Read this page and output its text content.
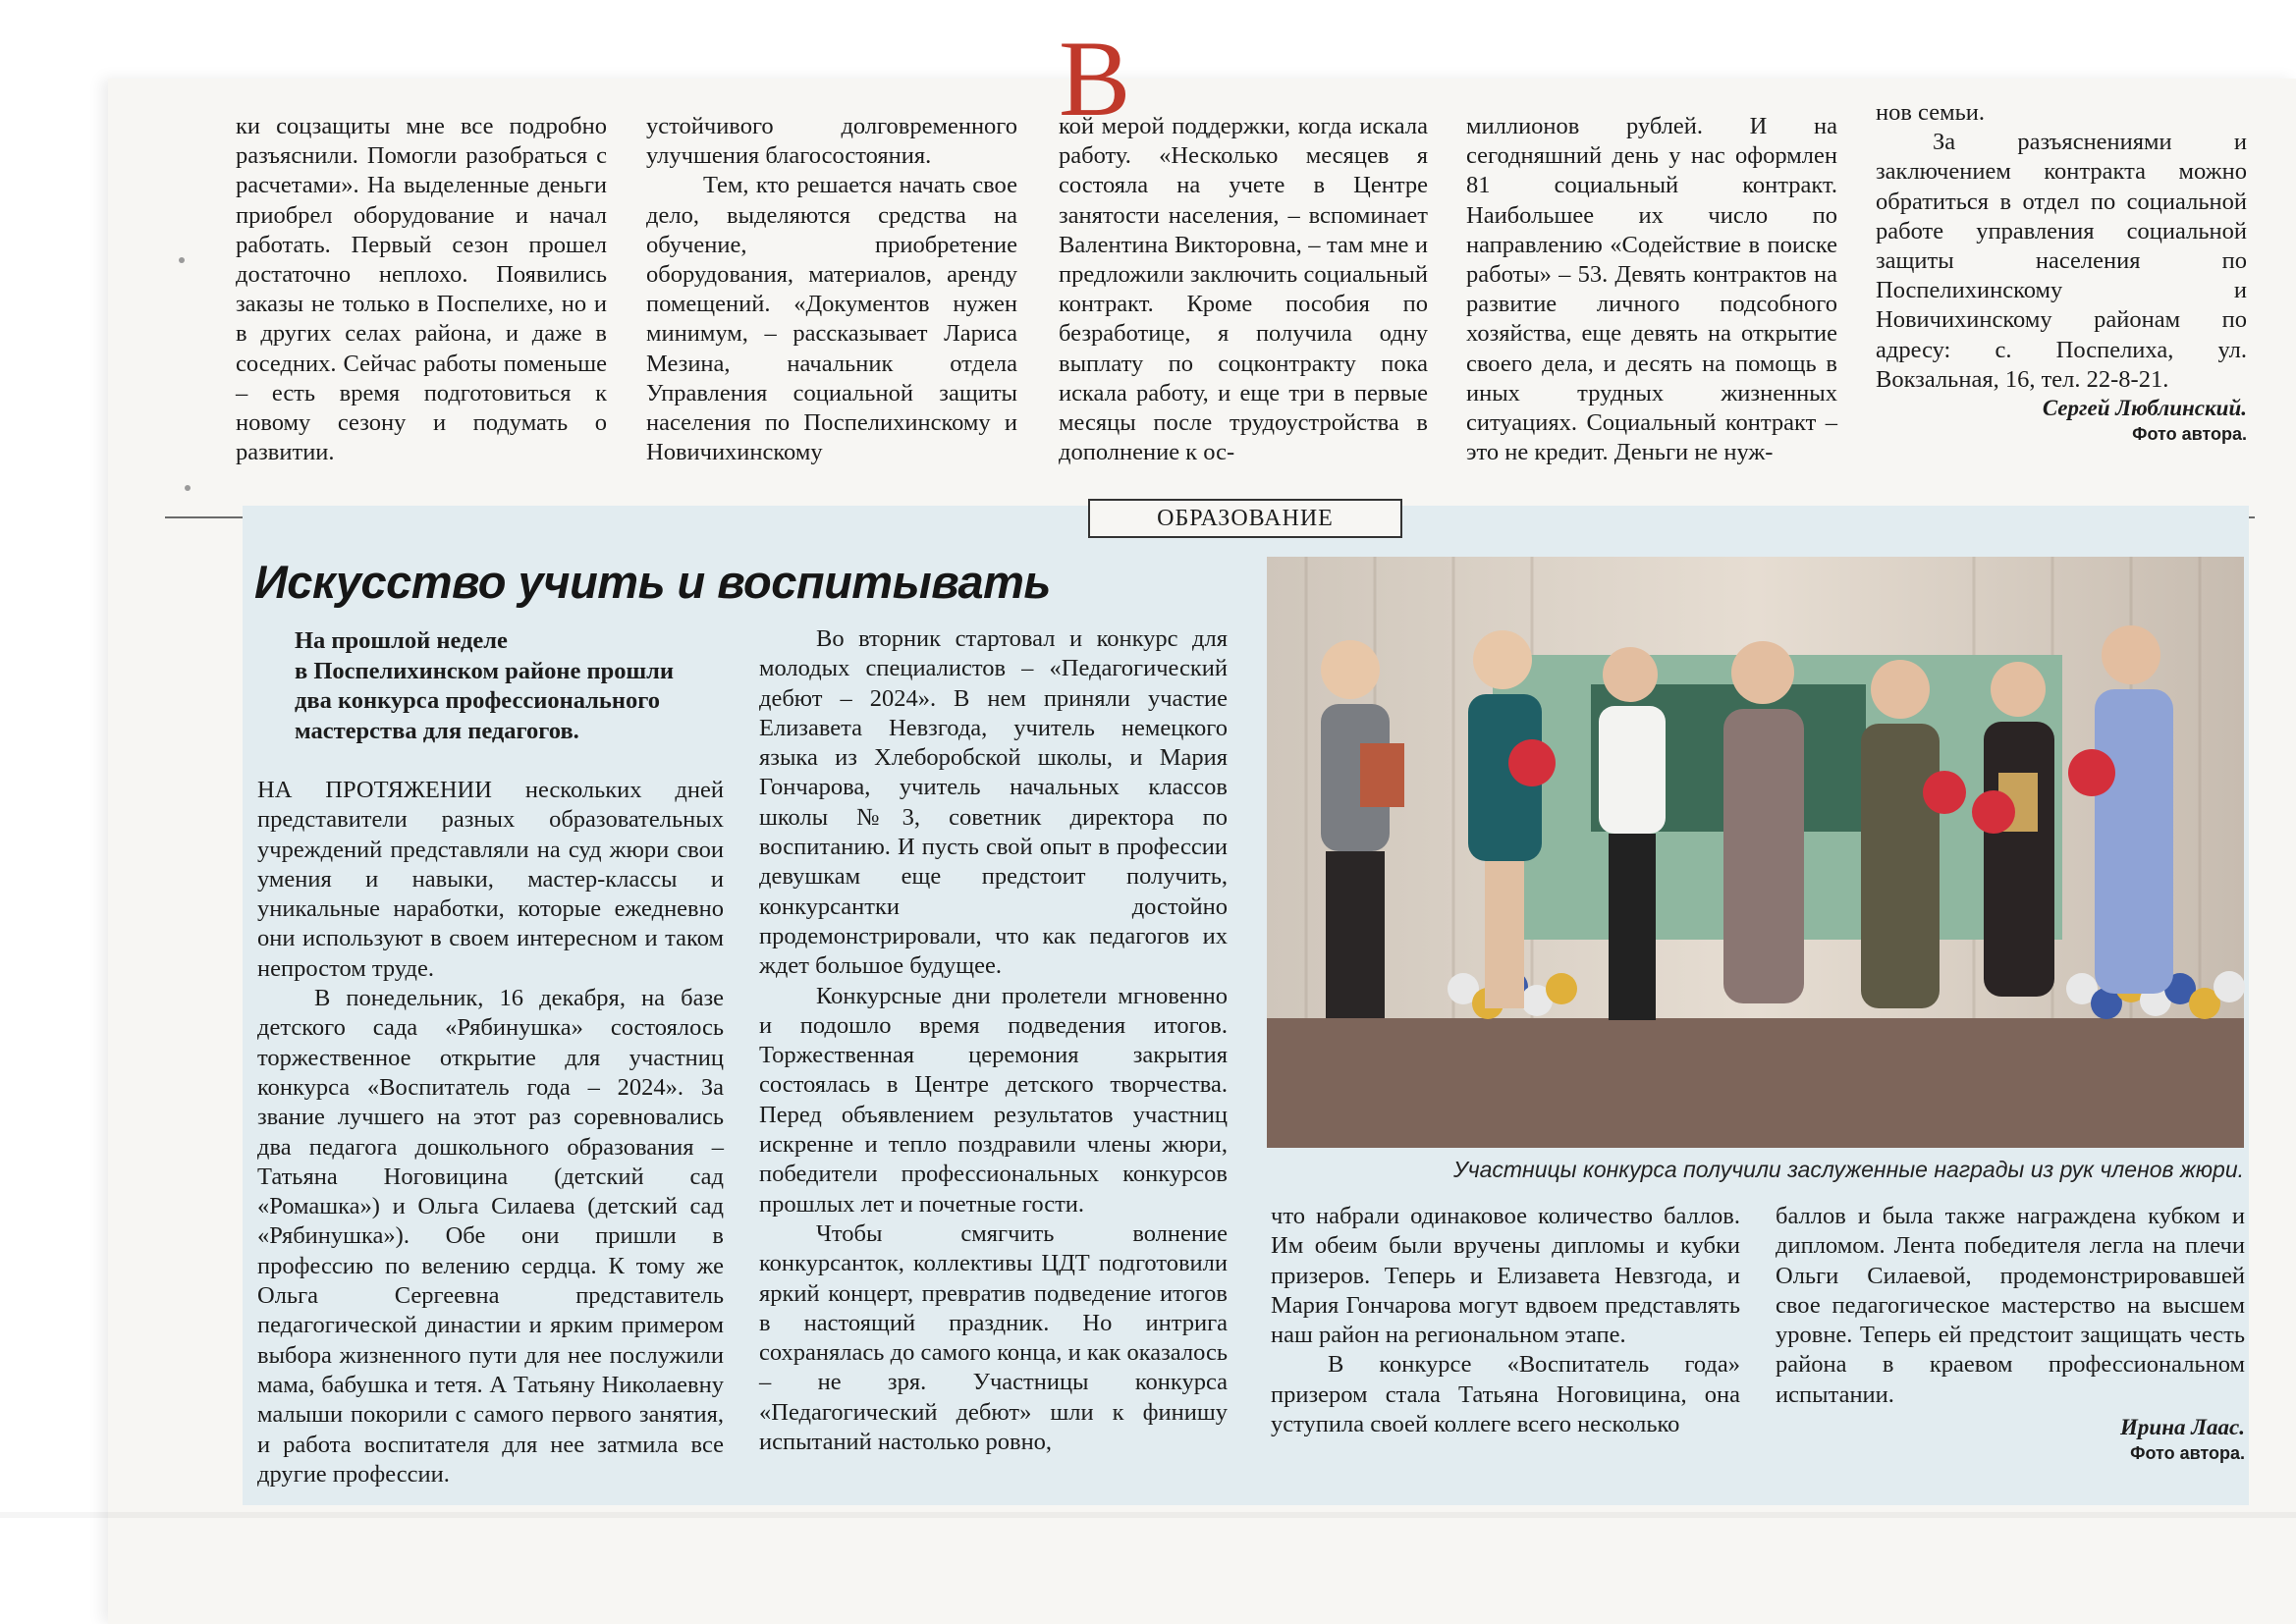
ки соцзащиты мне все подробно разъяснили. Помогли разобраться с расчетами». На выделенные деньги приобрел оборудование и начал работать. Первый сезон прошел достаточно неплохо. Появились заказы не только в Поспелихе, но и в других селах района, и даже в соседних. Сейчас работы поменьше – есть время подготовиться к новому сезону и подумать о развитии.

устойчивого долговременного улучшения благосостояния.

Тем, кто решается начать свое дело, выделяются средства на обучение, приобретение оборудования, материалов, аренду помещений. «Документов нужен минимум, – рассказывает Лариса Мезина, начальник отдела Управления социальной защиты населения по Поспелихинскому и Новичихинскому

В

кой мерой поддержки, когда искала работу. «Несколько месяцев я состояла на учете в Центре занятости населения, – вспоминает Валентина Викторовна, – там мне и предложили заключить социальный контракт. Кроме пособия по безработице, я получила одну выплату по соцконтракту пока искала работу, и еще три в первые месяцы после трудоустройства в дополнение к ос-

миллионов рублей. И на сегодняшний день у нас оформлен 81 социальный контракт. Наибольшее их число по направлению «Содействие в поиске работы» – 53. Девять контрактов на развитие личного подсобного хозяйства, еще девять на открытие своего дела, и десять на помощь в иных трудных жизненных ситуациях. Социальный контракт – это не кредит. Деньги не нуж-

нов семьи.

За разъяснениями и заключением контракта можно обратиться в отдел по социальной работе управления социальной защиты населения по Поспелихинскому и Новичихинскому районам по адресу: с. Поспелиха, ул. Вокзальная, 16, тел. 22-8-21.

Сергей Люблинский.
Фото автора.
ОБРАЗОВАНИЕ
Искусство учить и воспитывать
На прошлой неделе
в Поспелихинском районе прошли
два конкурса профессионального
мастерства для педагогов.

НА ПРОТЯЖЕНИИ нескольких дней представители разных образовательных учреждений представляли на суд жюри свои умения и навыки, мастер-классы и уникальные наработки, которые ежедневно они используют в своем интересном и таком непростом труде.

В понедельник, 16 декабря, на базе детского сада «Рябинушка» состоялось торжественное открытие для участниц конкурса «Воспитатель года – 2024». За звание лучшего на этот раз соревновались два педагога дошкольного образования – Татьяна Ноговицина (детский сад «Ромашка») и Ольга Силаева (детский сад «Рябинушка»). Обе они пришли в профессию по велению сердца. К тому же Ольга Сергеевна представитель педагогической династии и ярким примером выбора жизненного пути для нее послужили мама, бабушка и тетя. А Татьяну Николаевну малыши покорили с самого первого занятия, и работа воспитателя для нее затмила все другие профессии.

Во вторник стартовал и конкурс для молодых специалистов – «Педагогический дебют – 2024». В нем приняли участие Елизавета Невзгода, учитель немецкого языка из Хлеборобской школы, и Мария Гончарова, учитель начальных классов школы №3, советник директора по воспитанию. И пусть свой опыт в профессии девушкам еще предстоит получить, конкурсантки достойно продемонстрировали, что как педагогов их ждет большое будущее.

Конкурсные дни пролетели мгновенно и подошло время подведения итогов. Торжественная церемония закрытия состоялась в Центре детского творчества. Перед объявлением результатов участниц искренне и тепло поздравили члены жюри, победители профессиональных конкурсов прошлых лет и почетные гости.

Чтобы смягчить волнение конкурсанток, коллективы ЦДТ подготовили яркий концерт, превратив подведение итогов в настоящий праздник. Но интрига сохранялась до самого конца, и как оказалось – не зря. Участницы конкурса «Педагогический дебют» шли к финишу испытаний настолько ровно,

что набрали одинаковое количество баллов. Им обеим были вручены дипломы и кубки призеров. Теперь и Елизавета Невзгода, и Мария Гончарова могут вдвоем представлять наш район на региональном этапе.

В конкурсе «Воспитатель года» призером стала Татьяна Ноговицина, она уступила своей коллеге всего несколько

баллов и была также награждена кубком и дипломом. Лента победителя легла на плечи Ольги Силаевой, продемонстрировавшей свое педагогическое мастерство на высшем уровне. Теперь ей предстоит защищать честь района в краевом профессиональном испытании.

Ирина Лаас.
Фото автора.
Участницы конкурса получили заслуженные награды из рук членов жюри.
